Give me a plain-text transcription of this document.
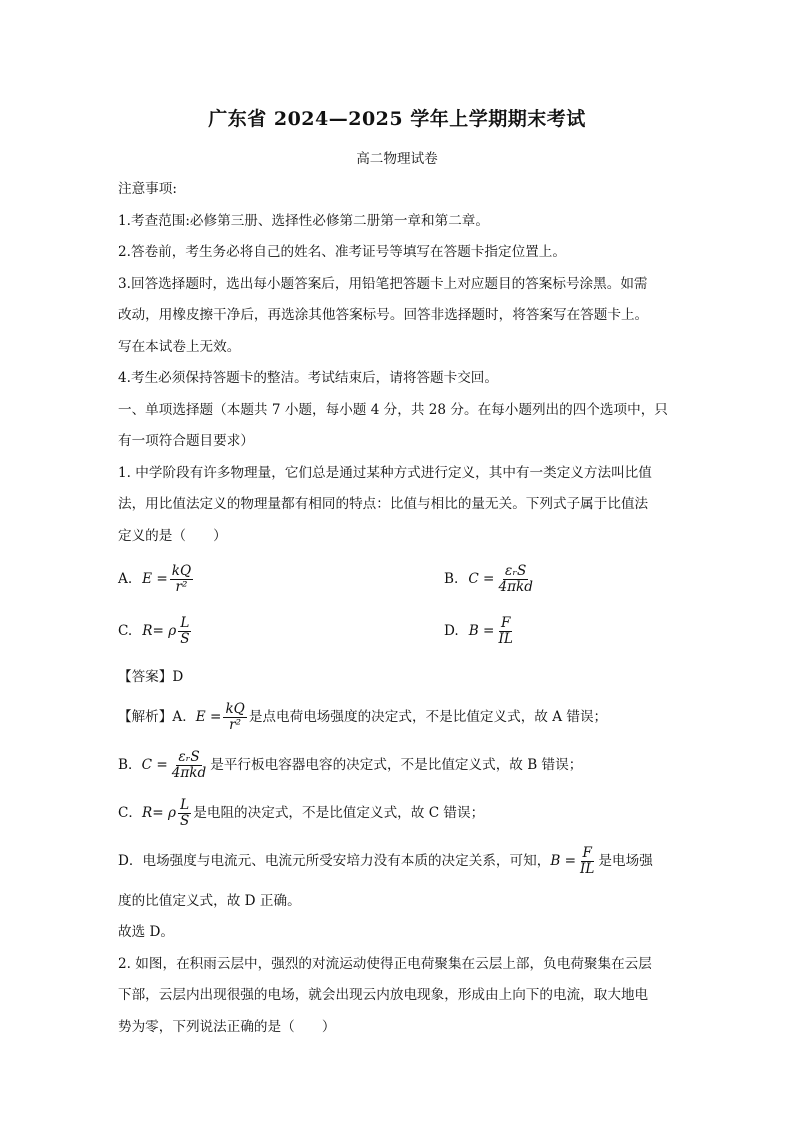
广东省 2024—2025 学年上学期期末考试
高二物理试卷
注意事项:
1.考查范围:必修第三册、选择性必修第二册第一章和第二章。
2.答卷前，考生务必将自己的姓名、准考证号等填写在答题卡指定位置上。
3.回答选择题时，选出每小题答案后，用铅笔把答题卡上对应题目的答案标号涂黑。如需
改动，用橡皮擦干净后，再选涂其他答案标号。回答非选择题时，将答案写在答题卡上。
写在本试卷上无效。
4.考生必须保持答题卡的整洁。考试结束后，请将答题卡交回。
一、单项选择题（本题共 7 小题，每小题 4 分，共 28 分。在每小题列出的四个选项中，只
有一项符合题目要求）
1. 中学阶段有许多物理量，它们总是通过某种方式进行定义，其中有一类定义方法叫比值
法，用比值法定义的物理量都有相同的特点：比值与相比的量无关。下列式子属于比值法
定义的是（　　）
A. $E = \frac{kQ}{\text{r²}}$	B. $C = \frac{\text{εᵣS}}{\text{4πkd}}$
C. R= ρ $\frac{L}{S}$	D. $B = \frac{F}{IL}$
【答案】D
【解析】A． $E = \frac{kQ}{\text{r²}}$ 是点电荷电场强度的决定式，不是比值定义式，故 A 错误；
B． $C = \frac{\text{εᵣS}}{\text{4πkd}}$ 是平行板电容器电容的决定式，不是比值定义式，故 B 错误；
C． R= ρ $\frac{L}{S}$ 是电阻的决定式，不是比值定义式，故 C 错误；
D．电场强度与电流元、电流元所受安培力没有本质的决定关系，可知， $B = \frac{F}{IL}$ 是电场强
度的比值定义式，故 D 正确。
故选 D。
2. 如图，在积雨云层中，强烈的对流运动使得正电荷聚集在云层上部，负电荷聚集在云层
下部，云层内出现很强的电场，就会出现云内放电现象，形成由上向下的电流，取大地电
势为零，下列说法正确的是（　　）
